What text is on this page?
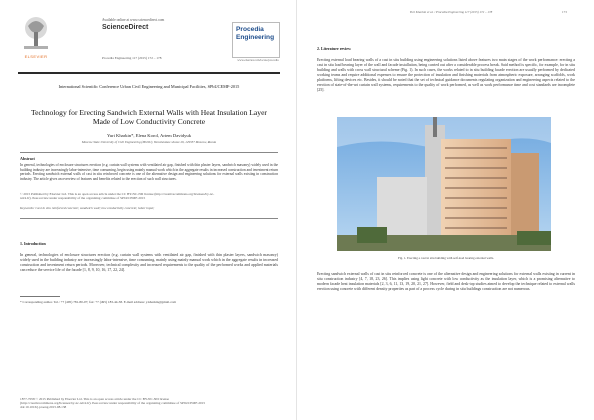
ELSEVIER
Available online at www.sciencedirect.com
ScienceDirect
Procedia Engineering 117 (2015) 172 – 178
Procedia Engineering
www.elsevier.com/locate/procedia
International Scientific Conference Urban Civil Engineering and Municipal Facilities, SPbUCEMF-2015
Technology for Erecting Sandwich External Walls with Heat Insulation Layer Made of Low Conductivity Concrete
Yuri Kharkin*, Elena Korol, Artem Davidyuk
Moscow State University of Civil Engineering (MGSU), Yaroslavskoe shosse 26, 129337 Moscow, Russia
Abstract
In general, technologies of enclosure structures erection (e.g. curtain wall systems with ventilated air gap, finished with thin plaster layers, sandwich masonry) widely used in the building industry are increasingly labor-intensive, time consuming, begin using mainly manual work which in the aggregate results in increased construction and investment return periods. Erecting sandwich external walls of cast in situ reinforced concrete is one of the alternative design and engineering solutions for external walls existing in construction industry. The article gives an overview of features and benefits related to the erection of such wall structures.
© 2015 Published by Elsevier Ltd. This is an open access article under the CC BY-NC-ND license (http://creativecommons.org/licenses/by-nc-nd/4.0/). Peer-review under responsibility of the organizing committee of SPbUCEMF-2015
Keywords: Cast in situ reinforced concrete; sandwich wall; low conductivity concrete; labor input;
1. Introduction
In general, technologies of enclosure structures erection (e.g. curtain wall systems with ventilated air gap, finished with thin plaster layers, sandwich masonry) widely used in the building industry are increasingly labor-intensive, time consuming, mainly using mainly manual work which in the aggregate results in increased construction and investment return periods. Moreover, technical complexity and increased requirements to the quality of the performed works and applied materials can reduce the service life of the facade [1, 8, 9, 10, 16, 17, 22, 24].
* Corresponding author. Tel.: +7 (495) 781-80-07; fax: +7 (495) 183-44-38. E-mail address: y.kharkin@gmail.com
1877-7058 © 2015 Published by Elsevier Ltd. This is an open access article under the CC BY-NC-ND license (http://creativecommons.org/licenses/by-nc-nd/4.0/). Peer-review under responsibility of the organizing committee of SPbUCEMF-2015 doi:10.1016/j.proeng.2015.08.138
Yuri Kharkin et al. / Procedia Engineering 117 (2015) 172 – 178	173
2. Literature review
Erecting external load bearing walls of a cast in situ building using engineering solutions listed above features two main stages of the work performance: erecting a cast in situ load bearing layer of the wall and facade installation, being carried out after a considerable process break. Said method is specific, for example, for in situ building and walls with cross wall structural scheme (Fig. 1). In such cases, the works related to in situ building facade erection are usually performed by dedicated working teams and require additional expenses to ensure the protection of insulation and finishing materials from atmospheric exposure, arranging scaffolds, work platforms, lifting devices etc. Besides, it should be noted that the set of technical guidance documents regulating organization and engineering aspects related to the erection of state-of-the-art curtain wall systems, requirements to the quality of work performed, as well as work performance time and cost standards are incomplete [25].
Fig. 1. Erecting a cast in situ building with self-load bearing external walls.
Erecting sandwich external walls of cast in situ reinforced concrete is one of the alternative design and engineering solutions for external walls existing in current in situ construction industry [4, 7, 18, 23, 26]. This implies using light concrete with low conductivity as the insulation layer, which is a promising alternative to modern facade heat insulation materials [2, 3, 6, 11, 13, 19, 20, 21, 27]. However, field and desk-top studies aimed to develop the technique related to external walls erection using concrete with different density properties as part of a process cycle during in situ buildings construction are not numerous.
